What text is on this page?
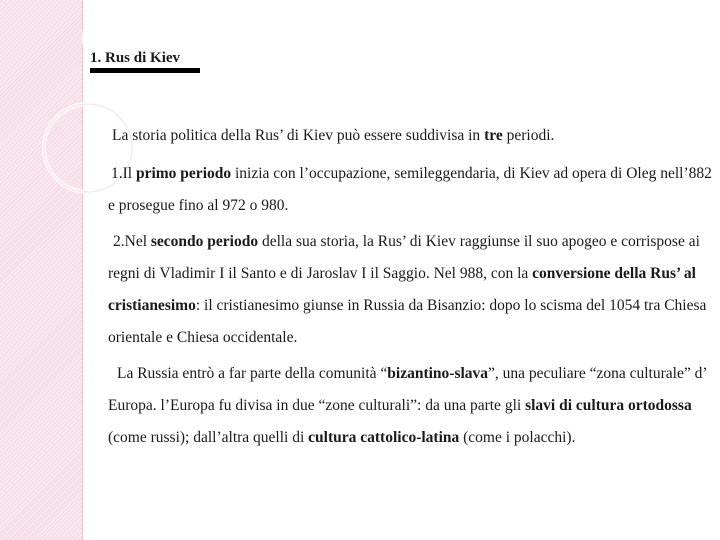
1. Rus di Kiev

La storia politica della Rus’ di Kiev può essere suddivisa in tre periodi.

1.Il primo periodo inizia con l’occupazione, semileggendaria, di Kiev ad opera di Oleg nell’882 e prosegue fino al 972 o 980.

2.Nel secondo periodo della sua storia, la Rus’ di Kiev raggiunse il suo apogeo e corrispose ai regni di Vladimir I il Santo e di Jaroslav I il Saggio. Nel 988, con la conversione della Rus’ al cristianesimo: il cristianesimo giunse in Russia da Bisanzio: dopo lo scisma del 1054 tra Chiesa orientale e Chiesa occidentale.

La Russia entrò a far parte della comunità “bizantino-slava”, una peculiare “zona culturale” d’ Europa. l’Europa fu divisa in due “zone culturali”: da una parte gli slavi di cultura ortodossa (come russi); dall’altra quelli di cultura cattolico-latina (come i polacchi).
